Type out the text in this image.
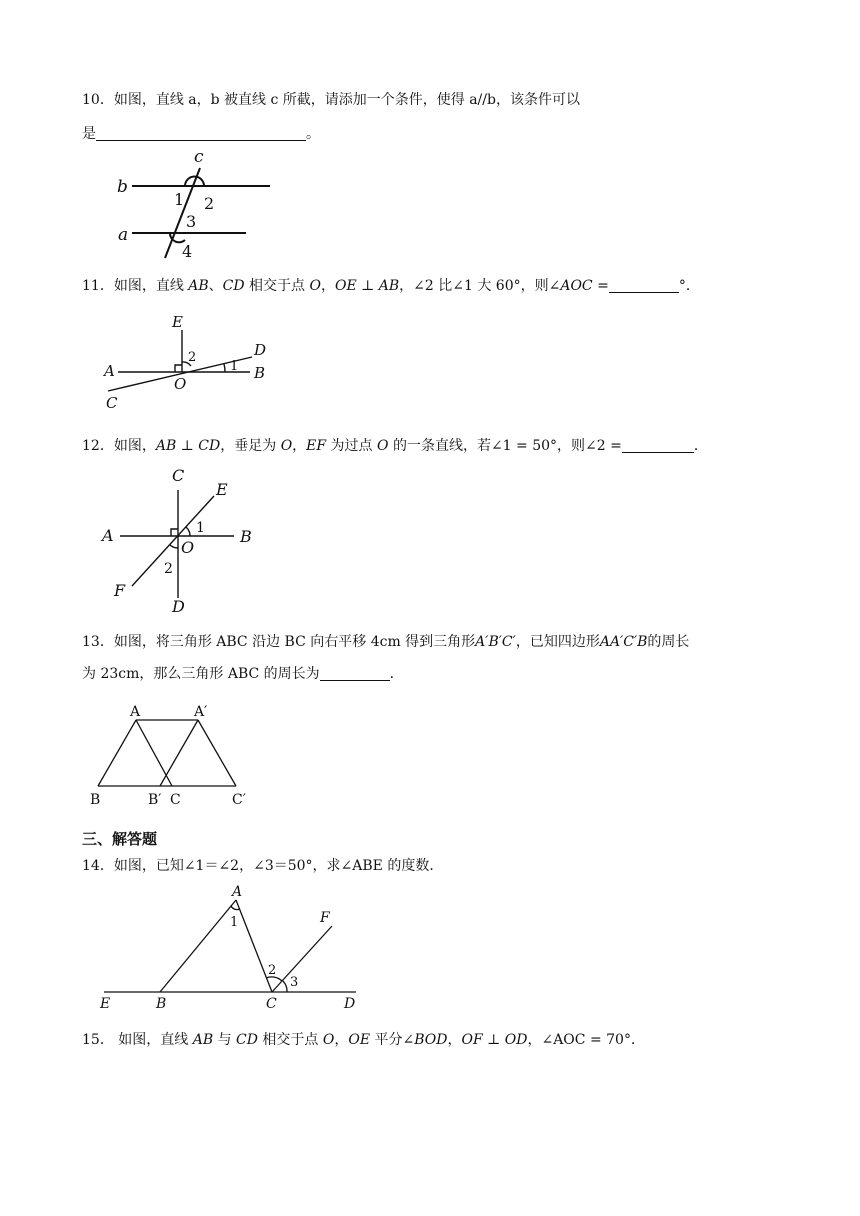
10．如图，直线 a，b 被直线 c 所截，请添加一个条件，使得 a//b，该条件可以
是	。
b
a
c
1 2
3
4
11．如图，直线 AB、CD 相交于点 O，OE ⊥ AB，∠2 比∠1 大 60°，则∠AOC =	°．
E
A
O
D
B
C
2
1
12．如图，AB ⊥ CD，垂足为 O，EF 为过点 O 的一条直线，若∠1 = 50°，则∠2 =	．
C
E
A	B
O
F
D
1
2
13．如图，将三角形 ABC 沿边 BC 向右平移 4cm 得到三角形A′B′C′，已知四边形AA′C′B的周长
为 23cm，那么三角形 ABC 的周长为	．
A	A′
B	B′ C	C′
三、解答题
14．如图，已知∠1＝∠2，∠3＝50°，求∠ABE 的度数．
A
F
E	B	C	D
1
2
3
15． 如图，直线 AB 与 CD 相交于点 O，OE 平分∠BOD，OF ⊥ OD，∠AOC = 70°．
